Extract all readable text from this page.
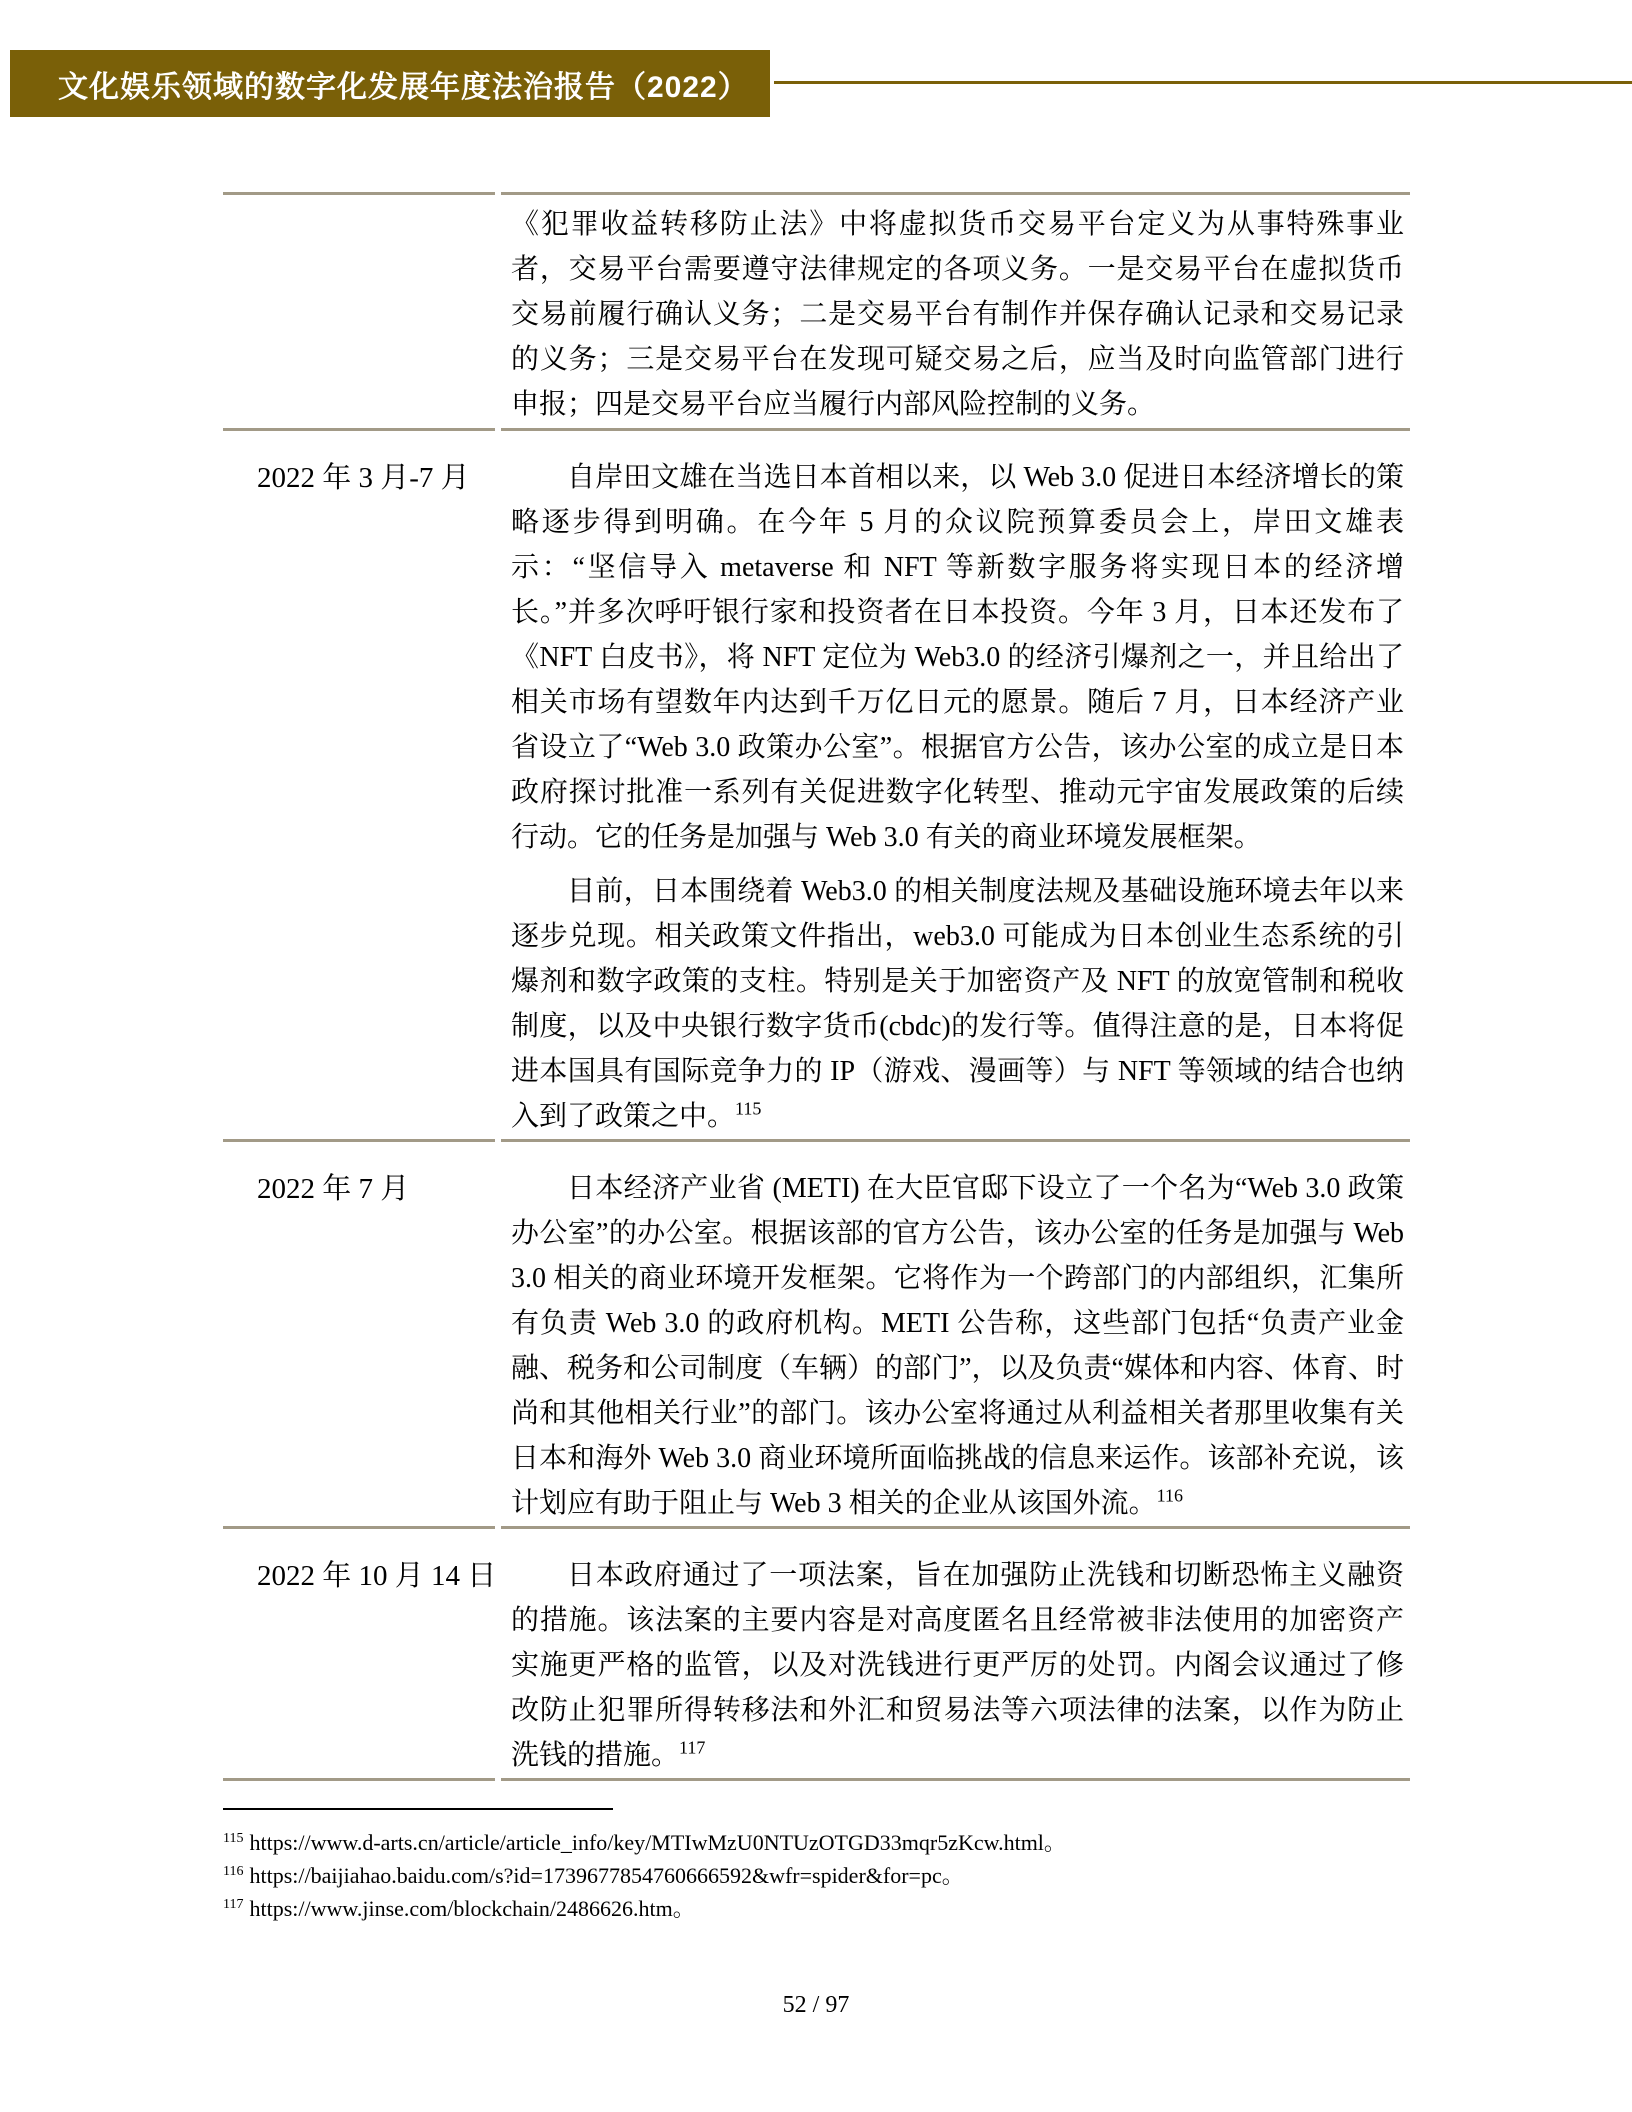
文化娱乐领域的数字化发展年度法治报告（2022）

《犯罪收益转移防止法》中将虚拟货币交易平台定义为从事特殊事业者，交易平台需要遵守法律规定的各项义务。一是交易平台在虚拟货币交易前履行确认义务；二是交易平台有制作并保存确认记录和交易记录的义务；三是交易平台在发现可疑交易之后，应当及时向监管部门进行申报；四是交易平台应当履行内部风险控制的义务。

2022 年 3 月-7 月	自岸田文雄在当选日本首相以来，以 Web 3.0 促进日本经济增长的策略逐步得到明确。在今年 5 月的众议院预算委员会上，岸田文雄表示：“坚信导入 metaverse 和 NFT 等新数字服务将实现日本的经济增长。”并多次呼吁银行家和投资者在日本投资。今年 3 月，日本还发布了《NFT 白皮书》，将 NFT 定位为 Web3.0 的经济引爆剂之一，并且给出了相关市场有望数年内达到千万亿日元的愿景。随后 7 月，日本经济产业省设立了“Web 3.0 政策办公室”。根据官方公告，该办公室的成立是日本政府探讨批准一系列有关促进数字化转型、推动元宇宙发展政策的后续行动。它的任务是加强与 Web 3.0 有关的商业环境发展框架。

目前，日本围绕着 Web3.0 的相关制度法规及基础设施环境去年以来逐步兑现。相关政策文件指出，web3.0 可能成为日本创业生态系统的引爆剂和数字政策的支柱。特别是关于加密资产及 NFT 的放宽管制和税收制度，以及中央银行数字货币(cbdc)的发行等。值得注意的是，日本将促进本国具有国际竞争力的 IP（游戏、漫画等）与 NFT 等领域的结合也纳入到了政策之中。$^{115}$

2022 年 7 月	日本经济产业省 (METI) 在大臣官邸下设立了一个名为“Web 3.0 政策办公室”的办公室。根据该部的官方公告，该办公室的任务是加强与 Web 3.0 相关的商业环境开发框架。它将作为一个跨部门的内部组织，汇集所有负责 Web 3.0 的政府机构。METI 公告称，这些部门包括“负责产业金融、税务和公司制度（车辆）的部门”，以及负责“媒体和内容、体育、时尚和其他相关行业”的部门。该办公室将通过从利益相关者那里收集有关日本和海外 Web 3.0 商业环境所面临挑战的信息来运作。该部补充说，该计划应有助于阻止与 Web 3 相关的企业从该国外流。$^{116}$

2022 年 10 月 14 日	日本政府通过了一项法案，旨在加强防止洗钱和切断恐怖主义融资的措施。该法案的主要内容是对高度匿名且经常被非法使用的加密资产实施更严格的监管，以及对洗钱进行更严厉的处罚。内阁会议通过了修改防止犯罪所得转移法和外汇和贸易法等六项法律的法案，以作为防止洗钱的措施。$^{117}$

$^{115}$ https://www.d-arts.cn/article/article_info/key/MTIwMzU0NTUzOTGD33mqr5zKcw.html。
$^{116}$ https://baijiahao.baidu.com/s?id=1739677854760666592&wfr=spider&for=pc。
$^{117}$ https://www.jinse.com/blockchain/2486626.htm。
52 / 97
